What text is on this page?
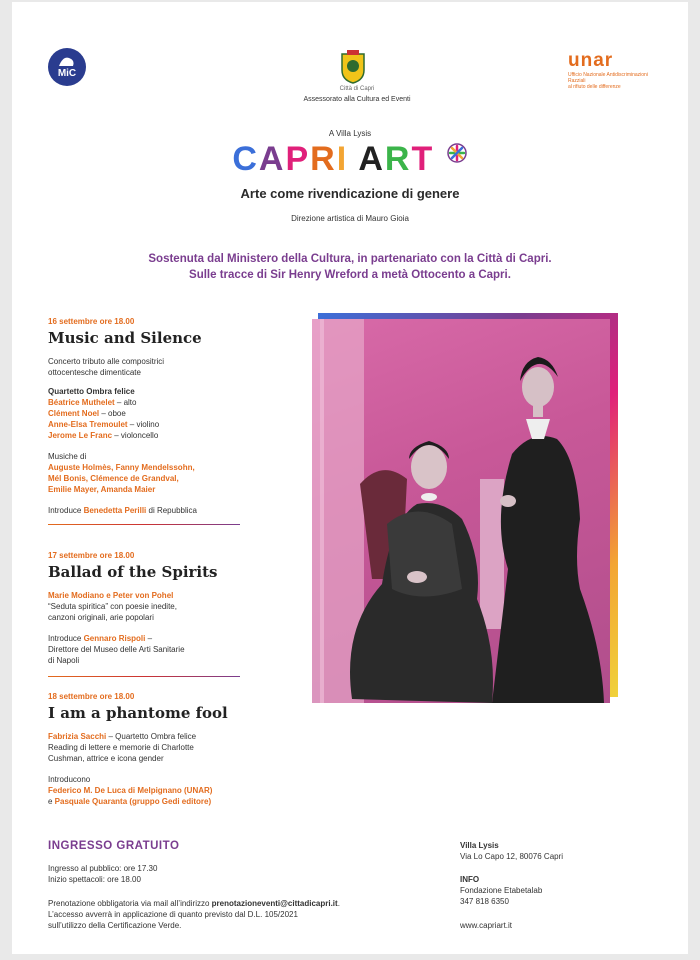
MiC
Città di Capri
Assessorato alla Cultura ed Eventi
unar
Ufficio Nazionale Antidiscriminazioni Razziali
al rifiuto delle differenze
A Villa Lysis
CAPRI ART
Arte come rivendicazione di genere
Direzione artistica di Mauro Gioia
Sostenuta dal Ministero della Cultura, in partenariato con la Città di Capri.
Sulle tracce di Sir Henry Wreford a metà Ottocento a Capri.
16 settembre ore 18.00
Music and Silence
Concerto tributo alle compositrici
ottocentesche dimenticate
Quartetto Ombra felice
Béatrice Muthelet – alto
Clément Noel – oboe
Anne-Elsa Tremoulet – violino
Jerome Le Franc – violoncello
Musiche di
Auguste Holmès, Fanny Mendelssohn,
Mél Bonis, Clémence de Grandval,
Emilie Mayer, Amanda Maier
Introduce Benedetta Perilli di Repubblica
17 settembre ore 18.00
Ballad of the Spirits
Marie Modiano e Peter von Pohel
“Seduta spiritica” con poesie inedite,
canzoni originali, arie popolari
Introduce Gennaro Rispoli –
Direttore del Museo delle Arti Sanitarie
di Napoli
18 settembre ore 18.00
I am a phantome fool
Fabrizia Sacchi – Quartetto Ombra felice
Reading di lettere e memorie di Charlotte
Cushman, attrice e icona gender
Introducono
Federico M. De Luca di Melpignano (UNAR)
e Pasquale Quaranta (gruppo Gedi editore)
INGRESSO GRATUITO
Ingresso al pubblico: ore 17.30
Inizio spettacoli: ore 18.00
Prenotazione obbligatoria via mail all’indirizzo prenotazioneventi@cittadicapri.it.
L’accesso avverrà in applicazione di quanto previsto dal D.L. 105/2021
sull’utilizzo della Certificazione Verde.
Villa Lysis
Via Lo Capo 12, 80076 Capri
INFO
Fondazione Etabetalab
347 818 6350
www.capriart.it
